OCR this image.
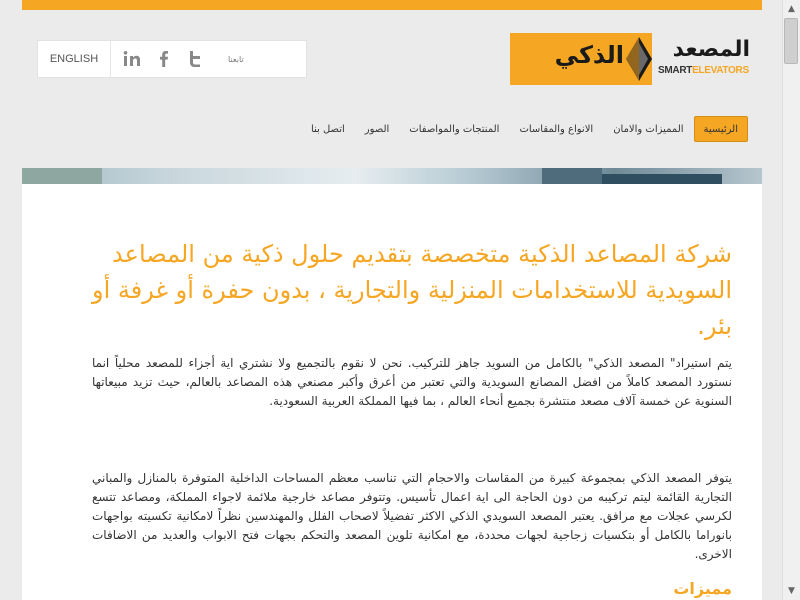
ENGLISH	تابعنا	الذكي المصعد
SMARTELEVATORS
الرئيسية
المميزات والامان
الانواع والمقاسات
المنتجات والمواصفات
الصور
اتصل بنا
شركة المصاعد الذكية متخصصة بتقديم حلول ذكية من المصاعد السويدية للاستخدامات المنزلية والتجارية ، بدون حفرة أو غرفة أو بئر.

يتم استيراد" المصعد الذكي" بالكامل من السويد جاهز للتركيب. نحن لا نقوم بالتجميع ولا نشتري اية أجزاء للمصعد محلياً انما نستورد المصعد كاملاً من افضل المصانع السويدية والتي تعتبر من أعرق وأكبر مصنعي هذه المصاعد بالعالم، حيث تزيد مبيعاتها السنوية عن خمسة آلاف مصعد منتشرة بجميع أنحاء العالم ، بما فيها المملكة العربية السعودية.

يتوفر المصعد الذكي بمجموعة كبيرة من المقاسات والاحجام التي تناسب معظم المساحات الداخلية المتوفرة بالمنازل والمباني التجارية القائمة ليتم تركيبه من دون الحاجة الى اية اعمال تأسيس. وتتوفر مصاعد خارجية ملائمة لاجواء المملكة، ومصاعد تتسع لكرسي عجلات مع مرافق. يعتبر المصعد السويدي الذكي الاكثر تفضيلاً لاصحاب الفلل والمهندسين نظراً لامكانية تكسيته بواجهات بانوراما بالكامل أو بتكسيات زجاجية لجهات محددة، مع امكانية تلوين المصعد والتحكم بجهات فتح الابواب والعديد من الاضافات الاخرى.

مميزات
▲
▼
